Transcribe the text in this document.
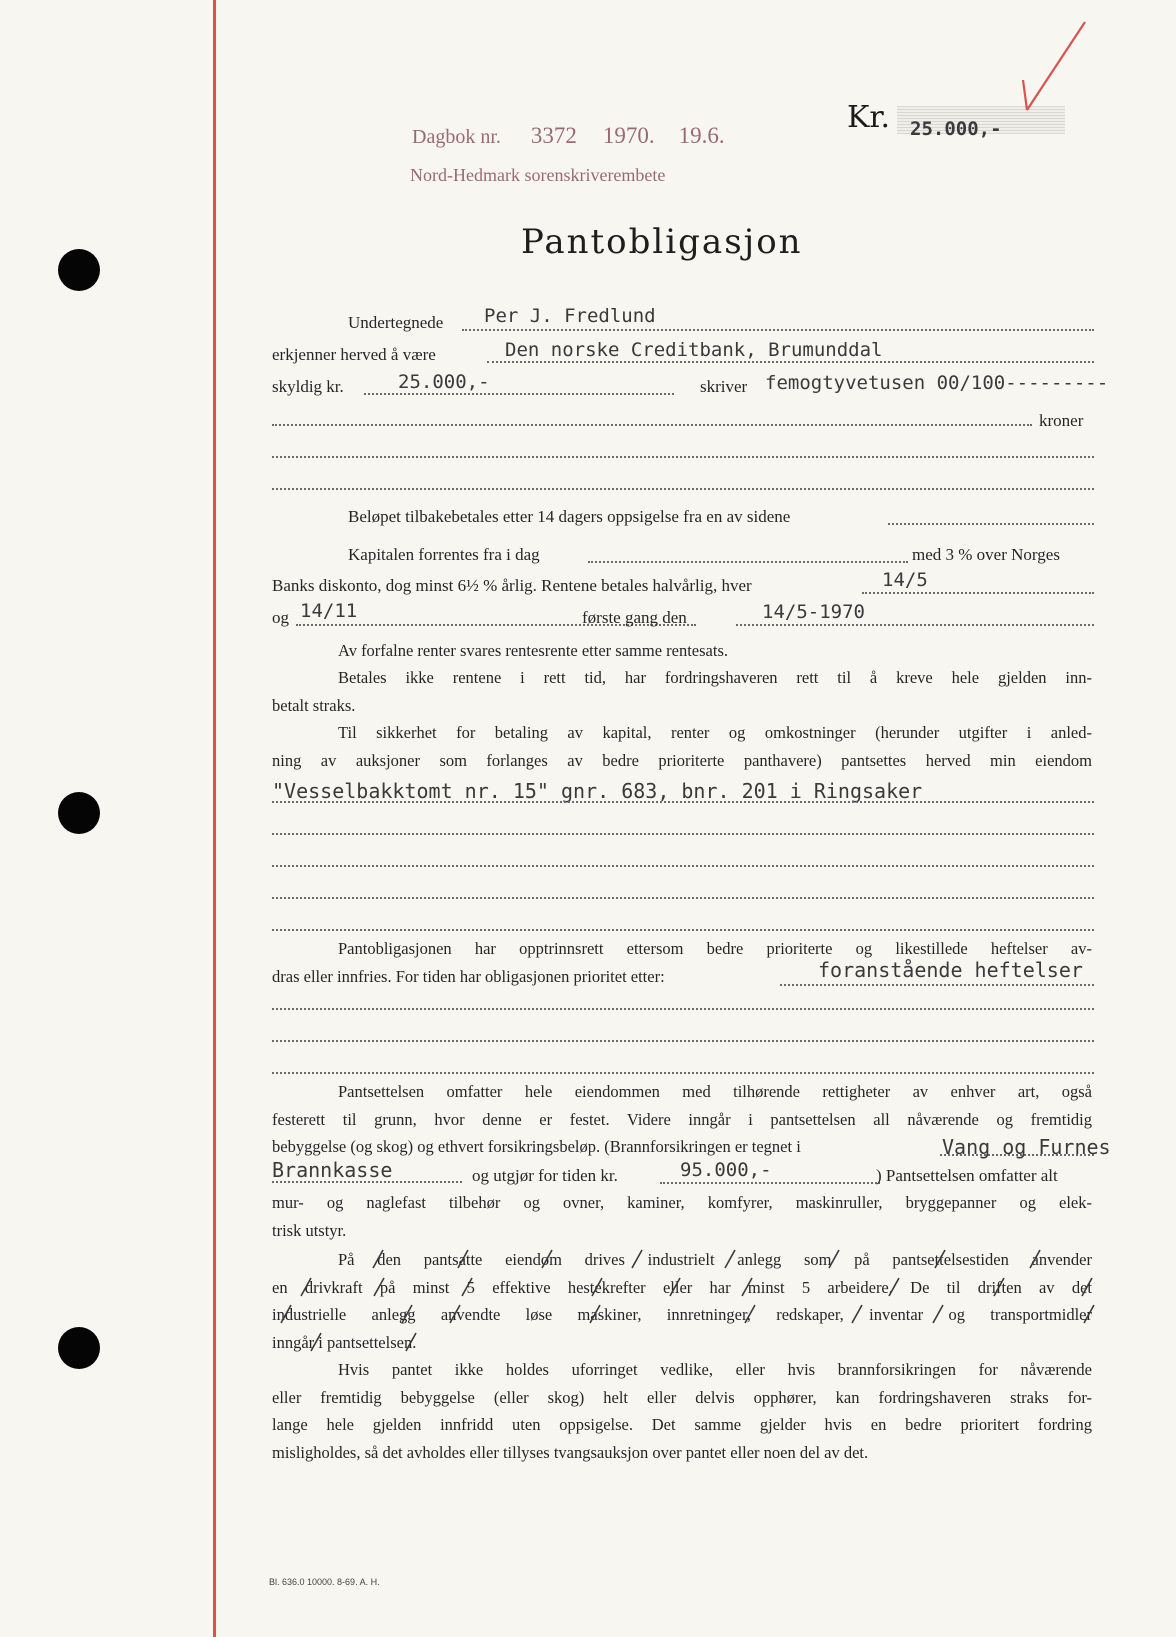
Dagbok nr. 3372 1970. 19.6.
Nord-Hedmark sorenskriverembete
Kr. 25.000,-
Pantobligasjon
Undertegnede Per J. Fredlund
erkjenner herved å være	Den norske Creditbank, Brumunddal
skyldig kr.	25.000,-	skriver femogtyvetusen 00/100---------
kroner
Beløpet tilbakebetales etter 14 dagers oppsigelse fra en av sidene
Kapitalen forrentes fra i dag	med 3 % over Norges
Banks diskonto, dog minst 6½ % årlig. Rentene betales halvårlig, hver	14/5
og 14/11	første gang den	14/5-1970
Av forfalne renter svares rentesrente etter samme rentesats.
Betales ikke rentene i rett tid, har fordringshaveren rett til å kreve hele gjelden inn-
betalt straks.
Til sikkerhet for betaling av kapital, renter og omkostninger (herunder utgifter i anled-
ning av auksjoner som forlanges av bedre prioriterte panthavere) pantsettes herved min eiendom
"Vesselbakktomt nr. 15" gnr. 683, bnr. 201 i Ringsaker
Pantobligasjonen har opptrinnsrett ettersom bedre prioriterte og likestillede heftelser av-
dras eller innfries. For tiden har obligasjonen prioritet etter:	foranstående heftelser
Pantsettelsen omfatter hele eiendommen med tilhørende rettigheter av enhver art, også
festerett til grunn, hvor denne er festet. Videre inngår i pantsettelsen all nåværende og fremtidig
bebyggelse (og skog) og ethvert forsikringsbeløp. (Brannforsikringen er tegnet i	Vang og Furnes
Brannkasse	og utgjør for tiden kr.	95.000,-	) Pantsettelsen omfatter alt
mur- og naglefast tilbehør og ovner, kaminer, komfyrer, maskinruller, bryggepanner og elek-
trisk utstyr.
På den pantsatte eiendom drives industrielt anlegg som på pantsettelsestiden anvender
en drivkraft på minst 5 effektive hestekrefter eller har minst 5 arbeidere. De til driften av det
industrielle anlegg anvendte løse maskiner, innretninger, redskaper, inventar og transportmidler
inngår i pantsettelsen.
Hvis pantet ikke holdes uforringet vedlike, eller hvis brannforsikringen for nåværende
eller fremtidig bebyggelse (eller skog) helt eller delvis opphører, kan fordringshaveren straks for-
lange hele gjelden innfridd uten oppsigelse. Det samme gjelder hvis en bedre prioritert fordring
misligholdes, så det avholdes eller tillyses tvangsauksjon over pantet eller noen del av det.
Bl. 636.0 10000. 8-69. A. H.
